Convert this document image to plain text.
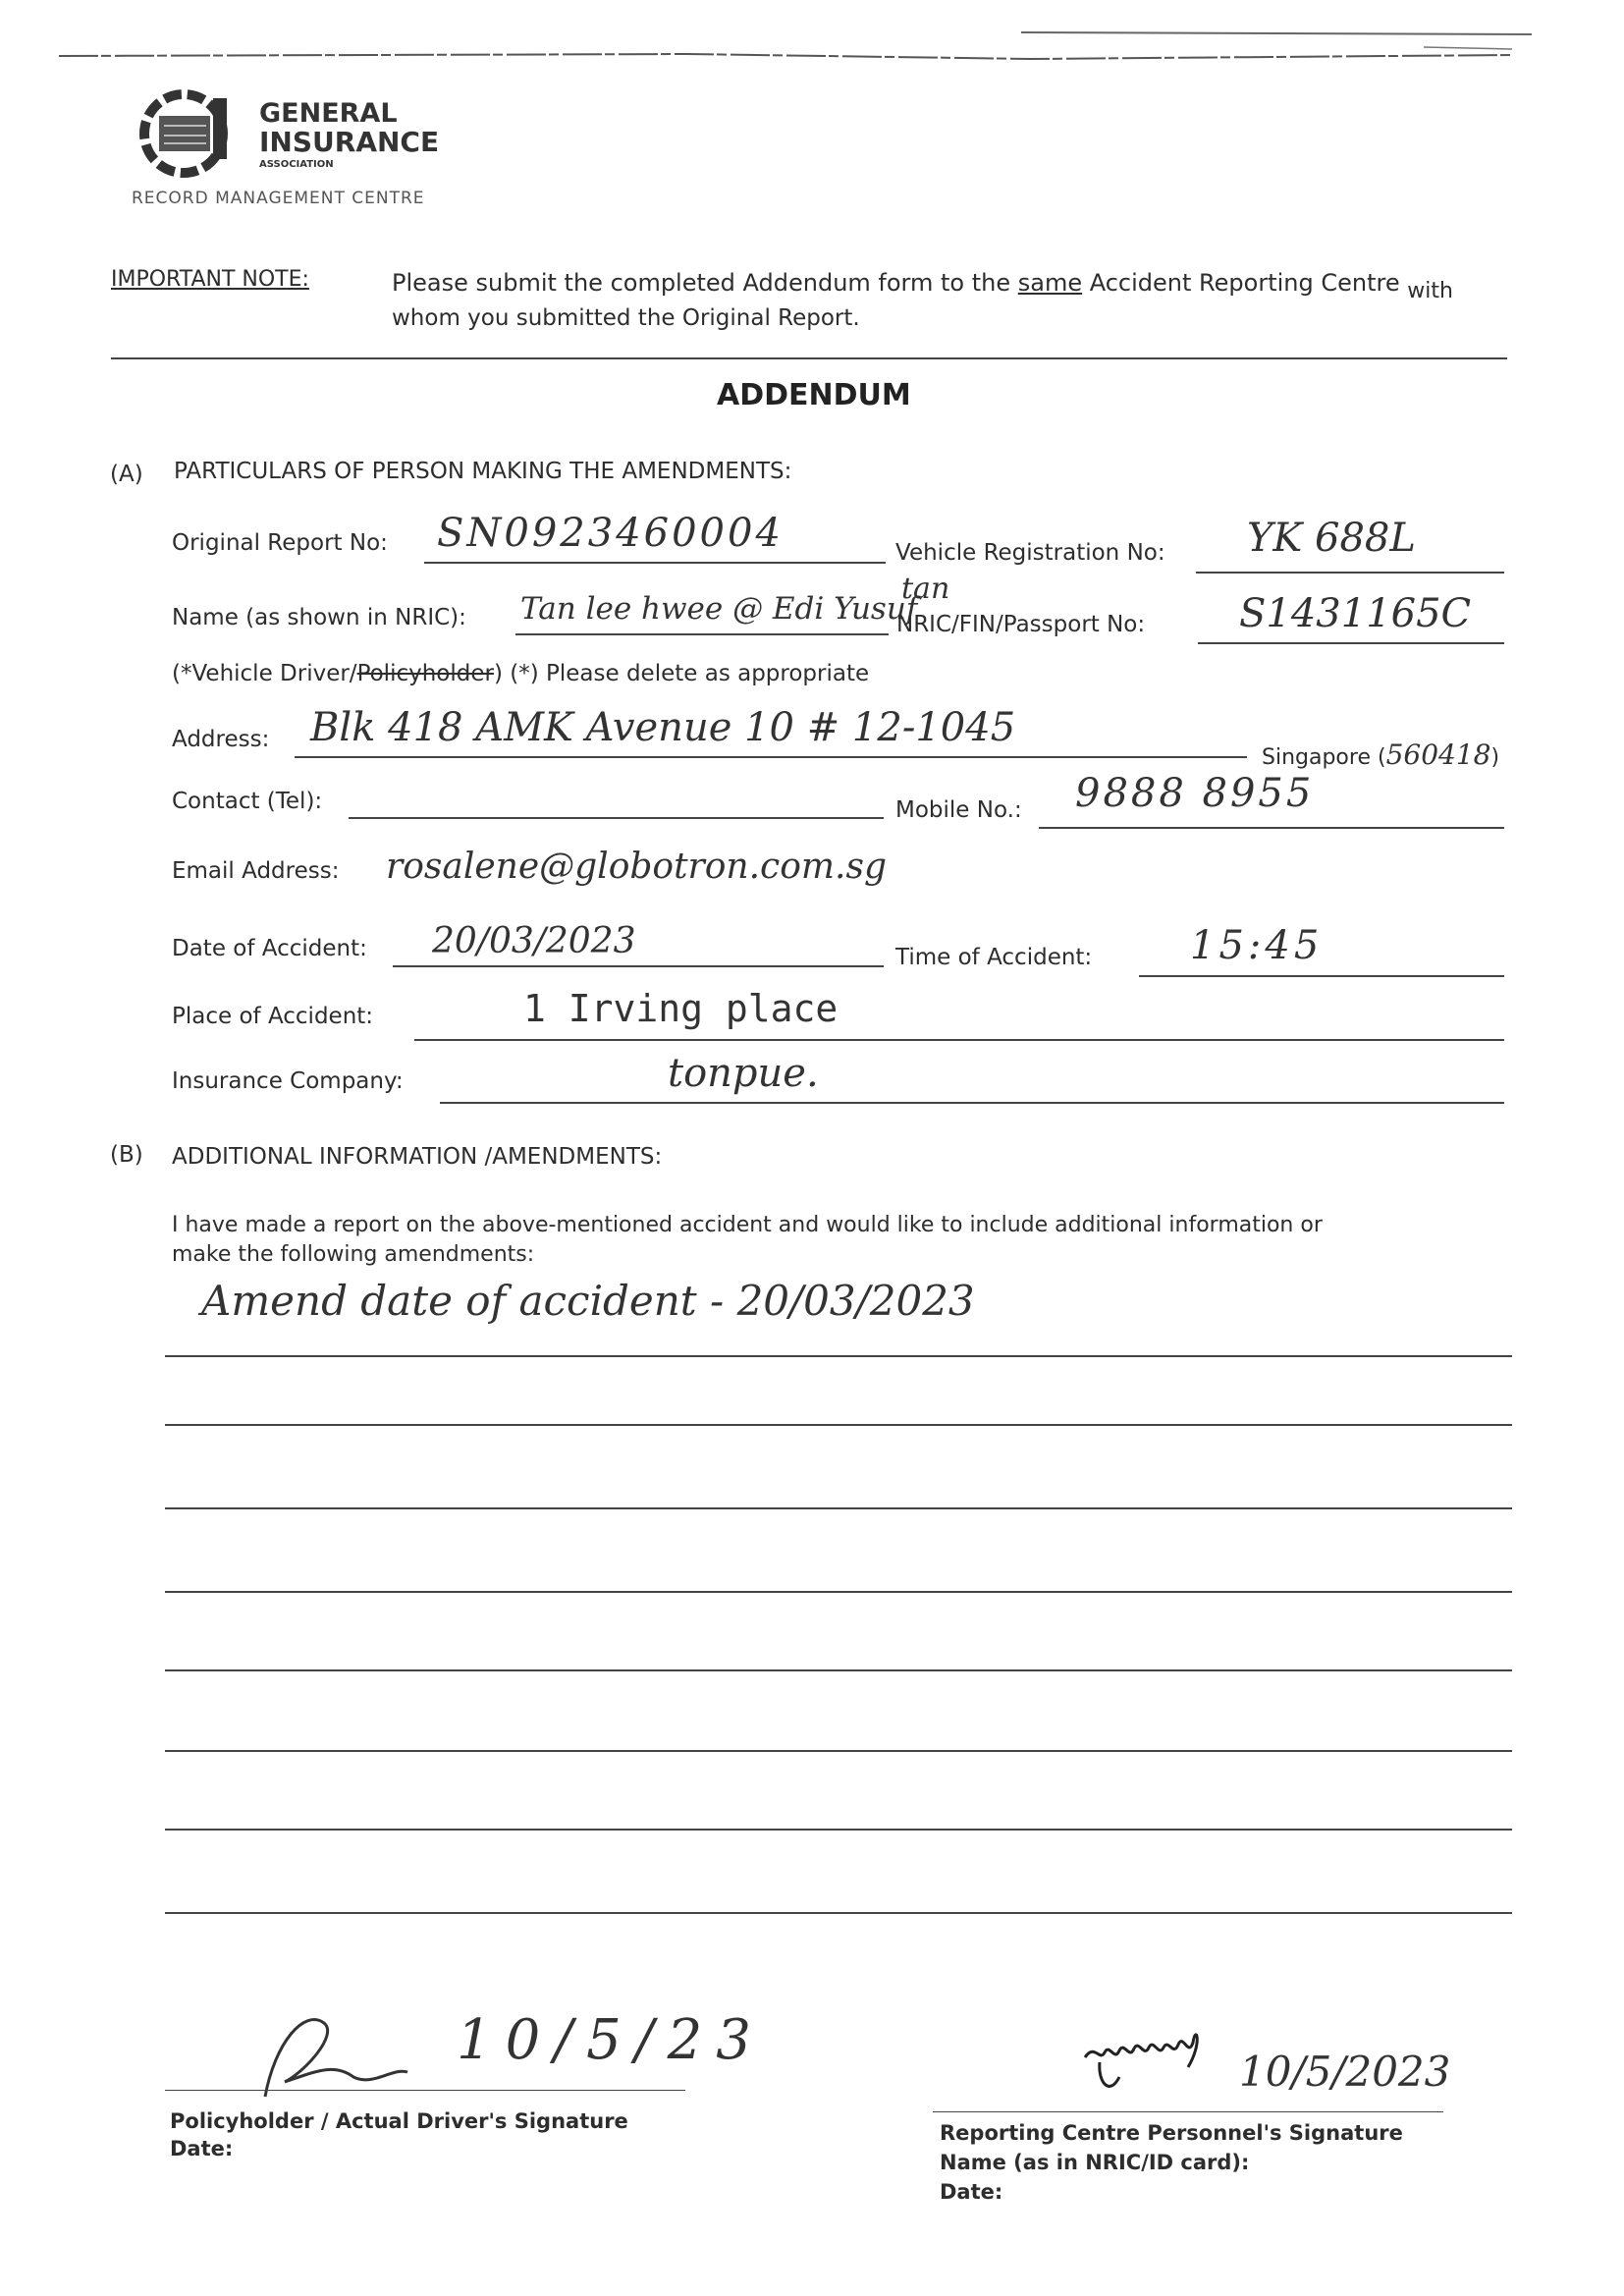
GENERAL
INSURANCE
ASSOCIATION
RECORD MANAGEMENT CENTRE
IMPORTANT NOTE:	Please submit the completed Addendum form to the same Accident Reporting Centre with
whom you submitted the Original Report.
ADDENDUM
(A) PARTICULARS OF PERSON MAKING THE AMENDMENTS:
Original Report No: SN0923460004	Vehicle Registration No: YK 688L
Name (as shown in NRIC): Tan lee hwee @ Edi Yusuf
tan
NRIC/FIN/Passport No: S1431165C
(*Vehicle Driver/Policyholder) (*) Please delete as appropriate
Address: Blk 418 AMK Avenue 10 # 12-1045
Singapore (560418)
Contact (Tel):	Mobile No.: 9888 8955
Email Address: rosalene@globotron.com.sg
Date of Accident: 20/03/2023	Time of Accident: 15:45
Place of Accident:	1 Irving place
Insurance Company:	tonpue.
(B) ADDITIONAL INFORMATION /AMENDMENTS:
I have made a report on the above-mentioned accident and would like to include additional information or
make the following amendments:
Amend date of accident - 20/03/2023
10/5/23
Policyholder / Actual Driver's Signature
Date:
10/5/2023
Reporting Centre Personnel's Signature
Name (as in NRIC/ID card):
Date:
